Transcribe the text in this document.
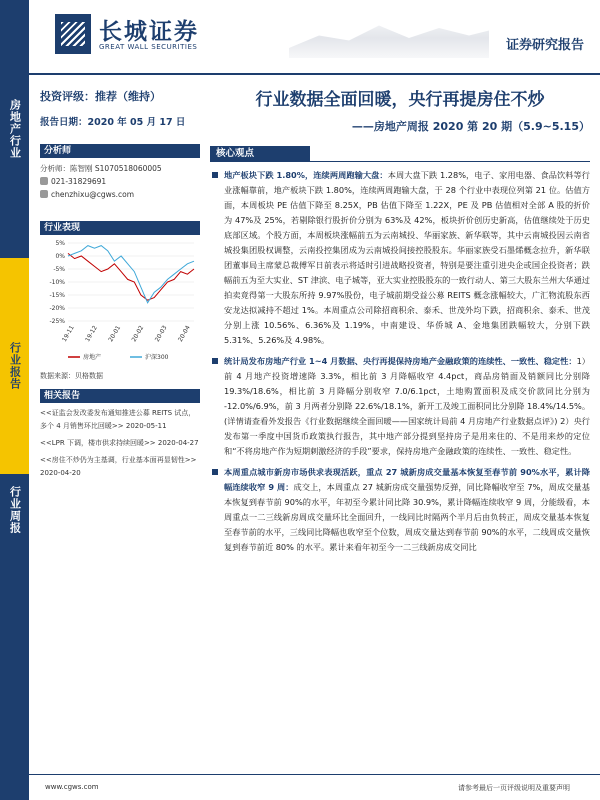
房地产行业
行业报告
行业周报
长城证券
GREAT WALL SECURITIES	证券研究报告
投资评级：推荐（维持）
报告日期：2020 年 05 月 17 日
分析师
分析师：陈智刚 S1070518060005
021-31829691
chenzhixu@cgws.com
行业表现
5%
0%
-5%
-10%
-15%
-20%
-25%
19-11 19-12 20-01 20-02 20-03 20-04
房地产	沪深300
数据来源：贝格数据
相关报告
<<证监会发改委发布通知推进公募 REITS 试点，多个 4 月销售环比回暖>> 2020-05-11
<<LPR 下调，楼市供求持续回暖>> 2020-04-27
<<房住不炒仍为主基调，行业基本面再显韧性>> 2020-04-20
行业数据全面回暖，央行再提房住不炒
——房地产周报 2020 第 20 期（5.9~5.15）
核心观点
地产板块下跌 1.80%，连续两周跑输大盘：本周大盘下跌 1.28%，电子、家用电器、食品饮料等行业涨幅靠前，地产板块下跌 1.80%，连续两周跑输大盘，于 28 个行业中表现位列第 21 位。估值方面，本周板块 PE 估值下降至 8.25X，PB 估值下降至 1.22X，PE 及 PB 估值相对全部 A 股的折价为 47%及 25%，若剔除银行股折价分别为 63%及 42%，板块折价创历史新高，估值继续处于历史底部区域。个股方面，本周板块涨幅前五为云南城投、华丽家族、新华联等，其中云南城投因云南省城投集团股权调整，云南投控集团成为云南城投间接控股股东。华丽家族受石墨烯概念拉升，新华联团董事局主席蒙总裁傅军日前表示将适时引进战略投资者，特别是要注重引进央企或国企投资者；跌幅前五为至大实业、ST 津滨、电子城等，亚大实业控股股东的一致行动人、第三大股东兰州大华通过拍卖竟得第一大股东所持 9.97%股份，电子城前期受益公募 REITS 概念涨幅较大，广汇物流股东西安龙达拟减持不超过 1%。本周重点公司除招商积余、泰禾、世茂外均下跌，招商积余、泰禾、世茂分别上涨 10.56%、6.36%及 1.19%，中南建设、华侨城 A、金地集团跌幅较大，分别下跌 5.31%、5.26%及 4.98%。
统计局发布房地产行业 1~4 月数据、央行再提保持房地产金融政策的连续性、一致性、稳定性：1）前 4 月地产投资增速降 3.3%，相比前 3 月降幅收窄 4.4pct，商品房销面及销额同比分别降 19.3%/18.6%，相比前 3 月降幅分别收窄 7.0/6.1pct，土地购置面积及成交价款同比分别为 -12.0%/6.9%，前 3 月两者分别降 22.6%/18.1%，新开工及竣工面积同比分别降 18.4%/14.5%。(详情请查看外发报告《行业数据继续全面回暖——国家统计局前 4 月房地产行业数据点评》) 2）央行发布第一季度中国货币政策执行报告，其中地产部分提到坚持房子是用来住的、不是用来炒的定位和“不将房地产作为短期刺激经济的手段”要求，保持房地产金融政策的连续性、一致性、稳定性。
本周重点城市新房市场供求表现活跃，重点 27 城新房成交量基本恢复至春节前 90%水平，累计降幅连续收窄 9 周：成交上，本周重点 27 城新房成交量强势反弹，同比降幅收窄至 7%，周成交量基本恢复到春节前 90%的水平，年初至今累计同比降 30.9%，累计降幅连续收窄 9 周，分能级看，本周重点一二三线新房周成交量环比全面回升，一线同比时隔两个半月后由负转正，周成交量基本恢复至春节前的水平，三线同比降幅也收窄至个位数，周成交量达到春节前 90%的水平，二线周成交量恢复到春节前近 80% 的水平。累计来看年初至今一二三线新房成交同比
www.cgws.com	请参考最后一页评级说明及重要声明
